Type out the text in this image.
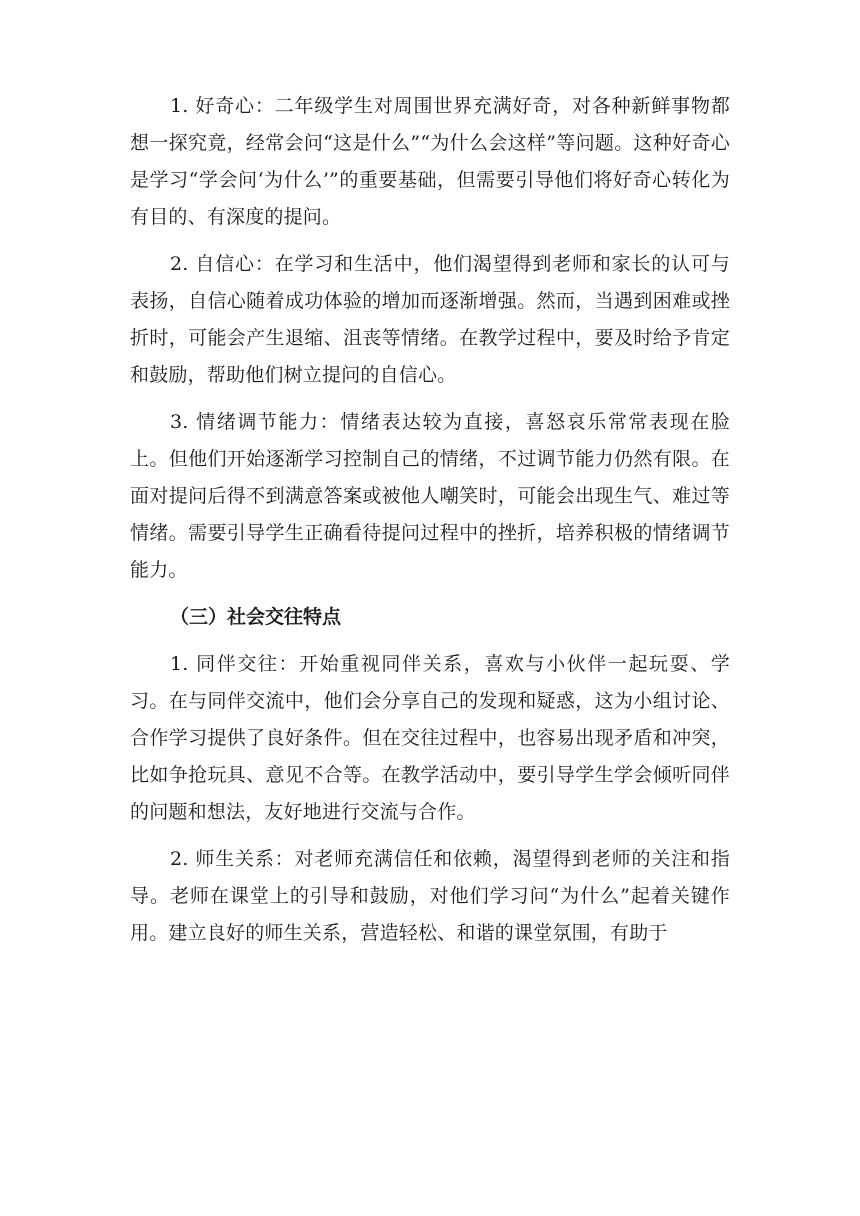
1. 好奇心：二年级学生对周围世界充满好奇，对各种新鲜事物都想一探究竟，经常会问“这是什么”“为什么会这样”等问题。这种好奇心是学习“学会问‘为什么’”的重要基础，但需要引导他们将好奇心转化为有目的、有深度的提问。

2. 自信心：在学习和生活中，他们渴望得到老师和家长的认可与表扬，自信心随着成功体验的增加而逐渐增强。然而，当遇到困难或挫折时，可能会产生退缩、沮丧等情绪。在教学过程中，要及时给予肯定和鼓励，帮助他们树立提问的自信心。

3. 情绪调节能力：情绪表达较为直接，喜怒哀乐常常表现在脸上。但他们开始逐渐学习控制自己的情绪，不过调节能力仍然有限。在面对提问后得不到满意答案或被他人嘲笑时，可能会出现生气、难过等情绪。需要引导学生正确看待提问过程中的挫折，培养积极的情绪调节能力。

（三）社会交往特点

1. 同伴交往：开始重视同伴关系，喜欢与小伙伴一起玩耍、学习。在与同伴交流中，他们会分享自己的发现和疑惑，这为小组讨论、合作学习提供了良好条件。但在交往过程中，也容易出现矛盾和冲突，比如争抢玩具、意见不合等。在教学活动中，要引导学生学会倾听同伴的问题和想法，友好地进行交流与合作。

2. 师生关系：对老师充满信任和依赖，渴望得到老师的关注和指导。老师在课堂上的引导和鼓励，对他们学习问“为什么”起着关键作用。建立良好的师生关系，营造轻松、和谐的课堂氛围，有助于
